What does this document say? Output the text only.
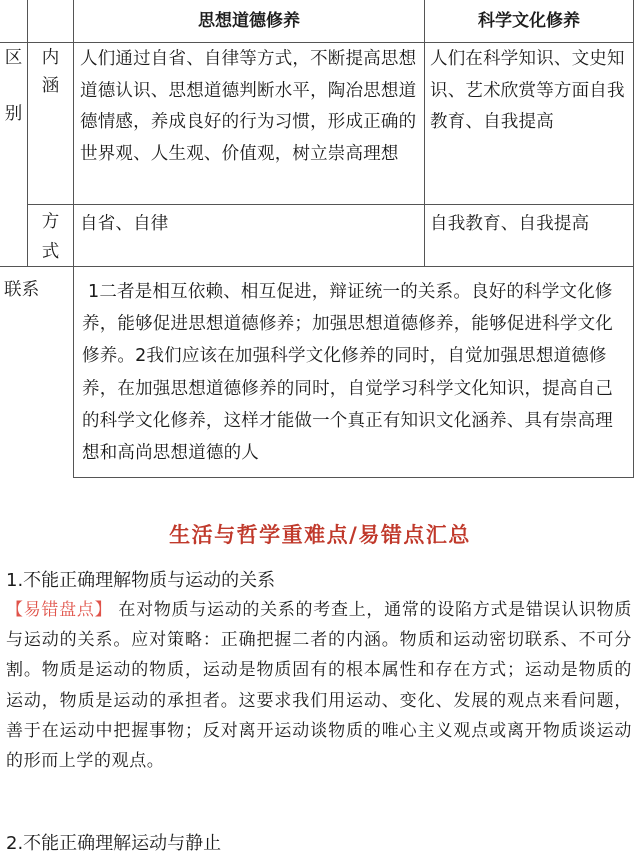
思想道德修养	科学文化修养
区

别
内
涵
方
式
联系
人们通过自省、自律等方式，不断提高思想道德认识、思想道德判断水平，陶冶思想道德情感，养成良好的行为习惯，形成正确的世界观、人生观、价值观，树立崇高理想
人们在科学知识、文史知识、艺术欣赏等方面自我教育、自我提高
自省、自律	自我教育、自我提高
1二者是相互依赖、相互促进，辩证统一的关系。良好的科学文化修养，能够促进思想道德修养；加强思想道德修养，能够促进科学文化修养。2我们应该在加强科学文化修养的同时，自觉加强思想道德修养，在加强思想道德修养的同时，自觉学习科学文化知识，提高自己的科学文化修养，这样才能做一个真正有知识文化涵养、具有崇高理想和高尚思想道德的人
生活与哲学重难点/易错点汇总
1.不能正确理解物质与运动的关系
【易错盘点】 在对物质与运动的关系的考查上，通常的设陷方式是错误认识物质与运动的关系。应对策略：正确把握二者的内涵。物质和运动密切联系、不可分割。物质是运动的物质，运动是物质固有的根本属性和存在方式；运动是物质的运动，物质是运动的承担者。这要求我们用运动、变化、发展的观点来看问题，善于在运动中把握事物；反对离开运动谈物质的唯心主义观点或离开物质谈运动的形而上学的观点。
2.不能正确理解运动与静止
